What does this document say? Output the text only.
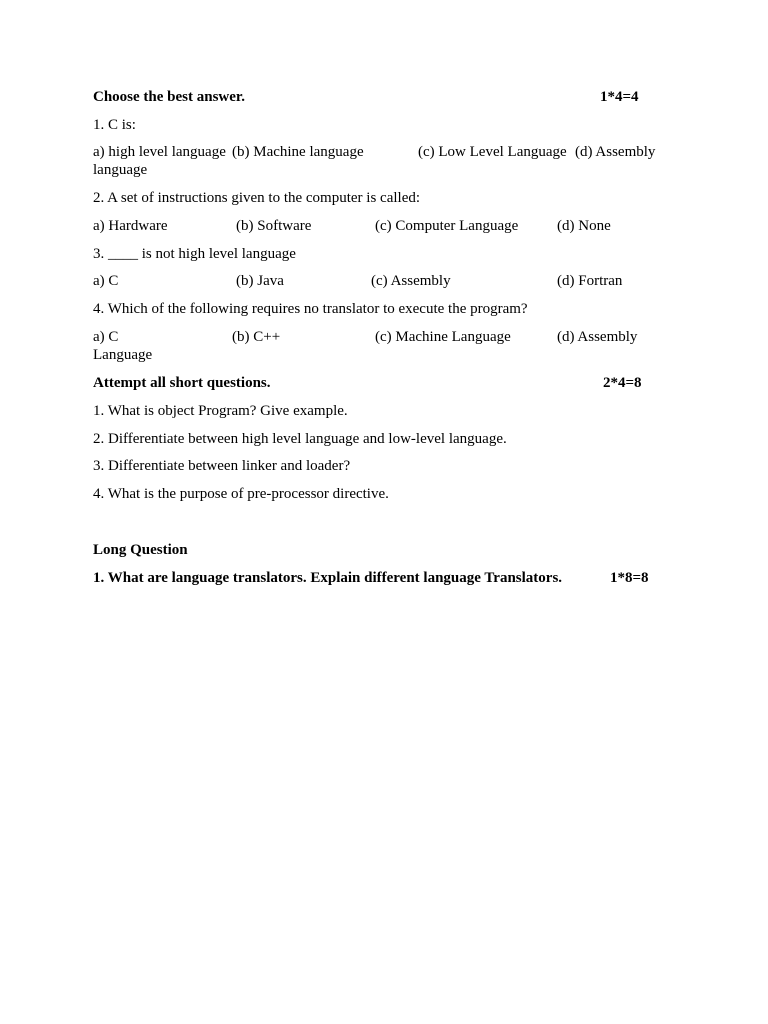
Choose the best answer.	1*4=4
1. C is:
a) high level language (b) Machine language	(c) Low Level Language (d) Assembly
language
2. A set of instructions given to the computer is called:
a) Hardware	(b) Software	(c) Computer Language	(d) None
3. ____ is not high level language
a) C	(b) Java	(c) Assembly	(d) Fortran
4. Which of the following requires no translator to execute the program?
a) C	(b) C++	(c) Machine Language	(d) Assembly
Language
Attempt all short questions.	2*4=8
1. What is object Program? Give example.
2. Differentiate between high level language and low-level language.
3. Differentiate between linker and loader?
4. What is the purpose of pre-processor directive.
Long Question
1. What are language translators. Explain different language Translators.	1*8=8
